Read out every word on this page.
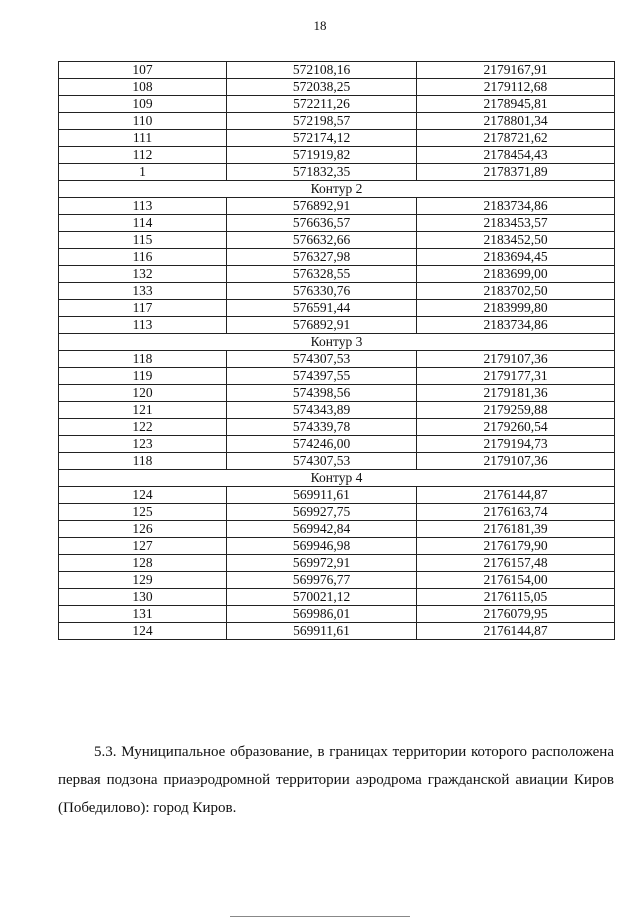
18
107	572108,16	2179167,91
108	572038,25	2179112,68
109	572211,26	2178945,81
110	572198,57	2178801,34
111	572174,12	2178721,62
112	571919,82	2178454,43
1	571832,35	2178371,89
Контур 2		
113	576892,91	2183734,86
114	576636,57	2183453,57
115	576632,66	2183452,50
116	576327,98	2183694,45
132	576328,55	2183699,00
133	576330,76	2183702,50
117	576591,44	2183999,80
113	576892,91	2183734,86
Контур 3		
118	574307,53	2179107,36
119	574397,55	2179177,31
120	574398,56	2179181,36
121	574343,89	2179259,88
122	574339,78	2179260,54
123	574246,00	2179194,73
118	574307,53	2179107,36
Контур 4		
124	569911,61	2176144,87
125	569927,75	2176163,74
126	569942,84	2176181,39
127	569946,98	2176179,90
128	569972,91	2176157,48
129	569976,77	2176154,00
130	570021,12	2176115,05
131	569986,01	2176079,95
124	569911,61	2176144,87

5.3. Муниципальное образование, в границах территории которого расположена первая подзона приаэродромной территории аэродрома гражданской авиации Киров (Победилово): город Киров.
